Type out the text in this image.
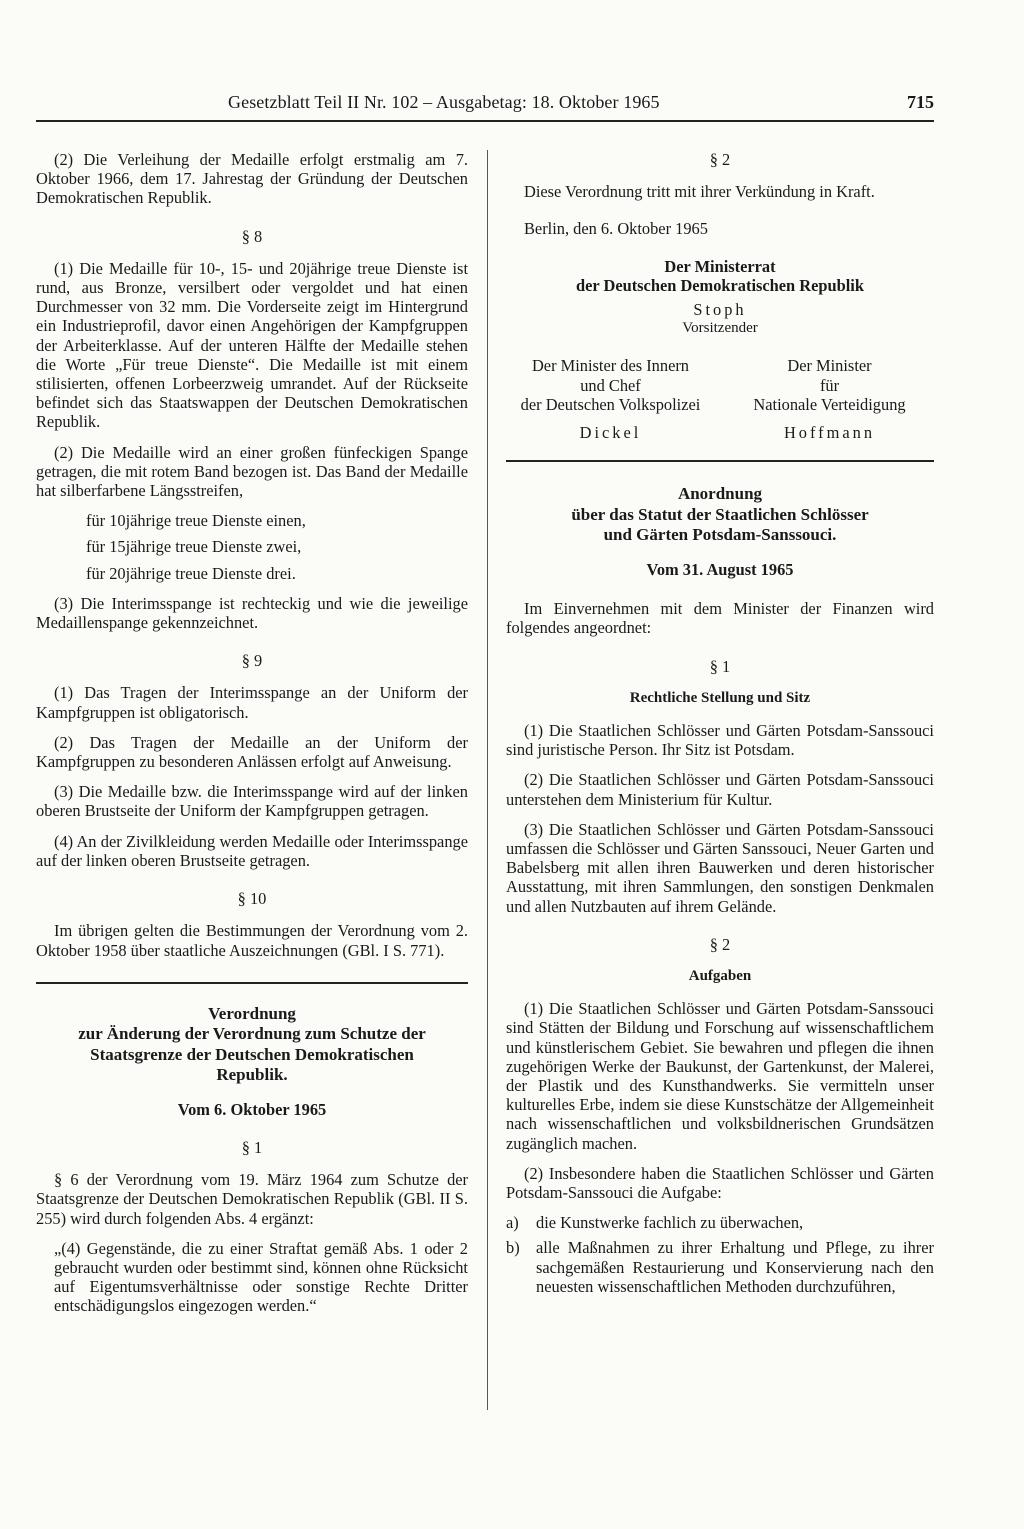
Gesetzblatt Teil II Nr. 102 – Ausgabetag: 18. Oktober 1965	715

(2) Die Verleihung der Medaille erfolgt erstmalig am 7. Oktober 1966, dem 17. Jahrestag der Gründung der Deutschen Demokratischen Republik.

§ 8

(1) Die Medaille für 10-, 15- und 20jährige treue Dienste ist rund, aus Bronze, versilbert oder vergoldet und hat einen Durchmesser von 32 mm. Die Vorderseite zeigt im Hintergrund ein Industrieprofil, davor einen Angehörigen der Kampfgruppen der Arbeiterklasse. Auf der unteren Hälfte der Medaille stehen die Worte „Für treue Dienste“. Die Medaille ist mit einem stilisierten, offenen Lorbeerzweig umrandet. Auf der Rückseite befindet sich das Staatswappen der Deutschen Demokratischen Republik.

(2) Die Medaille wird an einer großen fünfeckigen Spange getragen, die mit rotem Band bezogen ist. Das Band der Medaille hat silberfarbene Längsstreifen,

für 10jährige treue Dienste einen,
für 15jährige treue Dienste zwei,
für 20jährige treue Dienste drei.

(3) Die Interimsspange ist rechteckig und wie die jeweilige Medaillenspange gekennzeichnet.

§ 9

(1) Das Tragen der Interimsspange an der Uniform der Kampfgruppen ist obligatorisch.

(2) Das Tragen der Medaille an der Uniform der Kampfgruppen zu besonderen Anlässen erfolgt auf Anweisung.

(3) Die Medaille bzw. die Interimsspange wird auf der linken oberen Brustseite der Uniform der Kampfgruppen getragen.

(4) An der Zivilkleidung werden Medaille oder Interimsspange auf der linken oberen Brustseite getragen.

§ 10

Im übrigen gelten die Bestimmungen der Verordnung vom 2. Oktober 1958 über staatliche Auszeichnungen (GBl. I S. 771).

Verordnung
zur Änderung der Verordnung zum Schutze der
Staatsgrenze der Deutschen Demokratischen
Republik.
Vom 6. Oktober 1965
§ 1

§ 6 der Verordnung vom 19. März 1964 zum Schutze der Staatsgrenze der Deutschen Demokratischen Republik (GBl. II S. 255) wird durch folgenden Abs. 4 ergänzt:

„(4) Gegenstände, die zu einer Straftat gemäß Abs. 1 oder 2 gebraucht wurden oder bestimmt sind, können ohne Rücksicht auf Eigentumsverhältnisse oder sonstige Rechte Dritter entschädigungslos eingezogen werden.“

§ 2

Diese Verordnung tritt mit ihrer Verkündung in Kraft.

Berlin, den 6. Oktober 1965

Der Ministerrat
der Deutschen Demokratischen Republik
Stoph
Vorsitzender
Der Minister des Innern
und Chef
der Deutschen Volkspolizei
Dickel
Der Minister
für
Nationale Verteidigung
Hoffmann
Anordnung
über das Statut der Staatlichen Schlösser
und Gärten Potsdam-Sanssouci.
Vom 31. August 1965

Im Einvernehmen mit dem Minister der Finanzen wird folgendes angeordnet:

§ 1
Rechtliche Stellung und Sitz

(1) Die Staatlichen Schlösser und Gärten Potsdam-Sanssouci sind juristische Person. Ihr Sitz ist Potsdam.

(2) Die Staatlichen Schlösser und Gärten Potsdam-Sanssouci unterstehen dem Ministerium für Kultur.

(3) Die Staatlichen Schlösser und Gärten Potsdam-Sanssouci umfassen die Schlösser und Gärten Sanssouci, Neuer Garten und Babelsberg mit allen ihren Bauwerken und deren historischer Ausstattung, mit ihren Sammlungen, den sonstigen Denkmalen und allen Nutzbauten auf ihrem Gelände.

§ 2
Aufgaben

(1) Die Staatlichen Schlösser und Gärten Potsdam-Sanssouci sind Stätten der Bildung und Forschung auf wissenschaftlichem und künstlerischem Gebiet. Sie bewahren und pflegen die ihnen zugehörigen Werke der Baukunst, der Gartenkunst, der Malerei, der Plastik und des Kunsthandwerks. Sie vermitteln unser kulturelles Erbe, indem sie diese Kunstschätze der Allgemeinheit nach wissenschaftlichen und volksbildnerischen Grundsätzen zugänglich machen.

(2) Insbesondere haben die Staatlichen Schlösser und Gärten Potsdam-Sanssouci die Aufgabe:

a)	die Kunstwerke fachlich zu überwachen,
b) alle Maßnahmen zu ihrer Erhaltung und Pflege, zu ihrer sachgemäßen Restaurierung und Konservierung nach den neuesten wissenschaftlichen Methoden durchzuführen,
